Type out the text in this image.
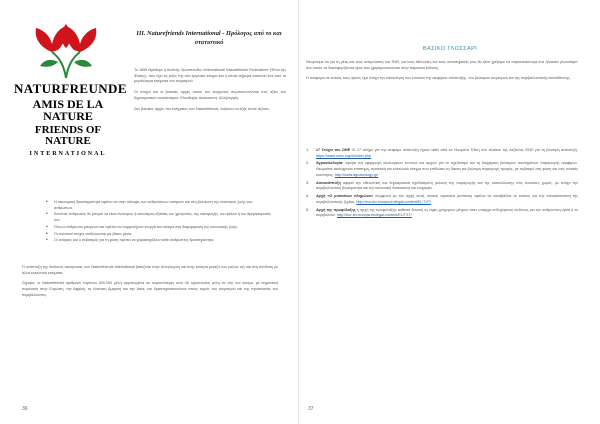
NATURFREUNDE
AMIS DE LA NATURE
FRIENDS OF NATURE
INTERNATIONAL
ΙΙΙ. Naturefriends International - Πρόλογος από το και στατιστικό

Το 1895 ιδρύθηκε η Διεθνής Ομοσπονδία «International Naturefriends Federation» (Φίλοι της Φύσης), που έχει τις ρίζες της στο εργατικό κίνημα και η οποία σήμερα αποτελεί ένα από τα μεγαλύτερα κινήματα του τουρισμού.

Οι στόχοι και οι βασικές αρχές αυτού του κινήματος συμπυκνώνονται στις αξίες του δημοκρατικού σοσιαλισμού: Ελευθερία, Δικαιοσύνη, Αλληλεγγύη.

Στις βασικές αρχές του κινήματος των Naturefriends, ανήκουν τα εξής πέντε άξονες:

• Η οικονομική δραστηριότητα οφείλει να στην κάλυψη των ανθρώπινων αναγκών και στη βελτίωση της ποιότητας ζωής των ανθρώπων.
• Κανένας άνθρωπος δε μπορεί να είναι ανώτερος ή κατώτερος εξαιτίας του χρώματος, της καταγωγής, του φύλου ή του θρησκεύματός του.
• Όλοι οι άνθρωποι μπορούν και πρέπει να συμμετέχουν ενεργά και ισότιμα στη διαμόρφωση της κοινωνικής ζωής.
• Οι πολιτικοί στόχοι επιδιώκονται μη-βίαιες μέσα.
• Οι ανάγκες και ο σεβασμός για τη φύση πρέπει να χαρακτηρίζουν κάθε ανθρώπινη δραστηριότητα.

Η ανάπτυξη της διεθνούς οικογένειας των Naturefriends International βασίζεται στην αλληλεγγύη και στην ισότητα μεταξύ των μελών της και στη σύνδεση με άλλα κοινωνικά κινήματα.

Σήμερα, οι Naturefriends αριθμούν περίπου 500.000 μέλη οργανωμένα σε περισσότερες από 40 οργανώσεις μέλη σε όλο τον κόσμο, με σημαντική παρουσία στην Ευρώπη, την Αφρική, τη Λατινική Αμερική και την Ασία, και δραστηριοποιούνται στους τομείς του τουρισμού και της προστασίας του περιβάλλοντος.

36
ΒΑΣΙΚΟ ΓΛΩΣΣΑΡΙ

Θεωρούμε ότι για τη μέλη και τους αναγνώστες του ΦτΘ, για τους εθελοντές και τους υποστηρικτές μας θα ήταν χρήσιμο να παρουσιάσουμε ένα «βασικό γλωσσάρι» στο οποίο να διασαφηνίζονται όροι που χρησιμοποιούνται στην παρούσα έκδοση.

Η αναφορά σε αυτούς τους όρους έχει στόχο την κατανόηση των εννοιών της αειφόρου ανάπτυξης, του βιώσιμου τουρισμού και της περιβαλλοντικής εκπαίδευσης.

1. 17 Στόχοι του ΟΗΕ Οι 17 στόχοι για την αειφόρο ανάπτυξη έχουν τεθεί από τα Ηνωμένα Έθνη στο πλαίσιο της Ατζέντας 2030 για τη βιώσιμη ανάπτυξη. https://www.unric.org/el/index.php
2. Αγροοικολογία: αφορά την εφαρμογή οικολογικών εννοιών και αρχών για το σχεδιασμό και τη διαχείριση βιώσιμων συστημάτων παραγωγής τροφίμων. Θεωρείται ταυτόχρονα επιστήμη, πρακτική και κοινωνικό κίνημα που επιδιώκει τη δίκαιη και βιώσιμη παραγωγή τροφής, με σεβασμό στη φύση και στις τοπικές κοινότητες. http://www.agroecology.gr/
3. Αποανάπτυξη αφορά την εθελοντική και δημοκρατικά σχεδιασμένη μείωση της παραγωγής και της κατανάλωσης στις πλούσιες χώρες, με στόχο την περιβαλλοντική βιωσιμότητα και την κοινωνική δικαιοσύνη και ευημερία.
4. Αρχή «Ο ρυπαίνων πληρώνει» σύμφωνα με την αρχή αυτή, όποιος προκαλεί ρύπανση οφείλει να καταβάλλει το κόστος για την αποκατάσταση της περιβαλλοντικής ζημίας. http://eur-lex.europa.eu/legal-content/EL/TXT/
5. Αρχή της προφύλαξης η αρχή της προφύλαξης καθιστά δυνατή τη λήψη γρήγορων μέτρων όταν υπάρχει ενδεχόμενος κίνδυνος για την ανθρώπινη υγεία ή το περιβάλλον. http://eur-lex.europa.eu/legal-content/EL/TXT/
37
